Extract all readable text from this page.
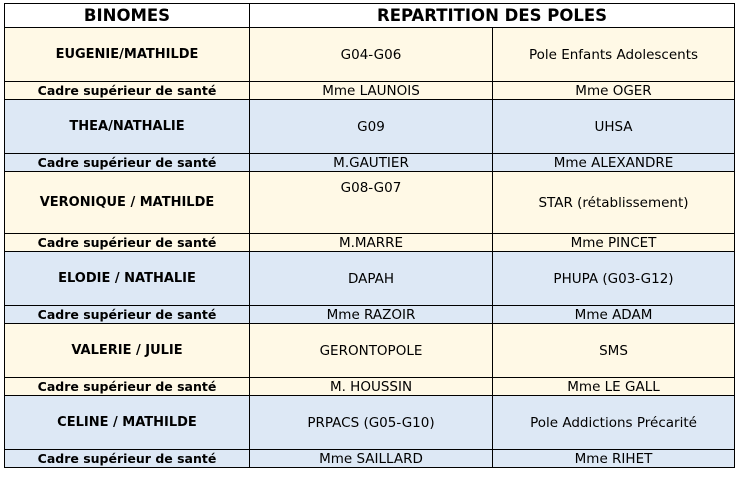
BINOMES	REPARTITION DES POLES	
EUGENIE/MATHILDE	G04-G06	Pole Enfants Adolescents
Cadre supérieur de santé	Mme LAUNOIS	Mme OGER
THEA/NATHALIE	G09	UHSA
Cadre supérieur de santé	M.GAUTIER	Mme ALEXANDRE
VERONIQUE / MATHILDE	G08-G07	STAR (rétablissement)
Cadre supérieur de santé	M.MARRE	Mme PINCET
ELODIE / NATHALIE	DAPAH	PHUPA (G03-G12)
Cadre supérieur de santé	Mme RAZOIR	Mme ADAM
VALERIE / JULIE	GERONTOPOLE	SMS
Cadre supérieur de santé	M. HOUSSIN	Mme LE GALL
CELINE / MATHILDE	PRPACS (G05-G10)	Pole Addictions Précarité
Cadre supérieur de santé	Mme SAILLARD	Mme RIHET
